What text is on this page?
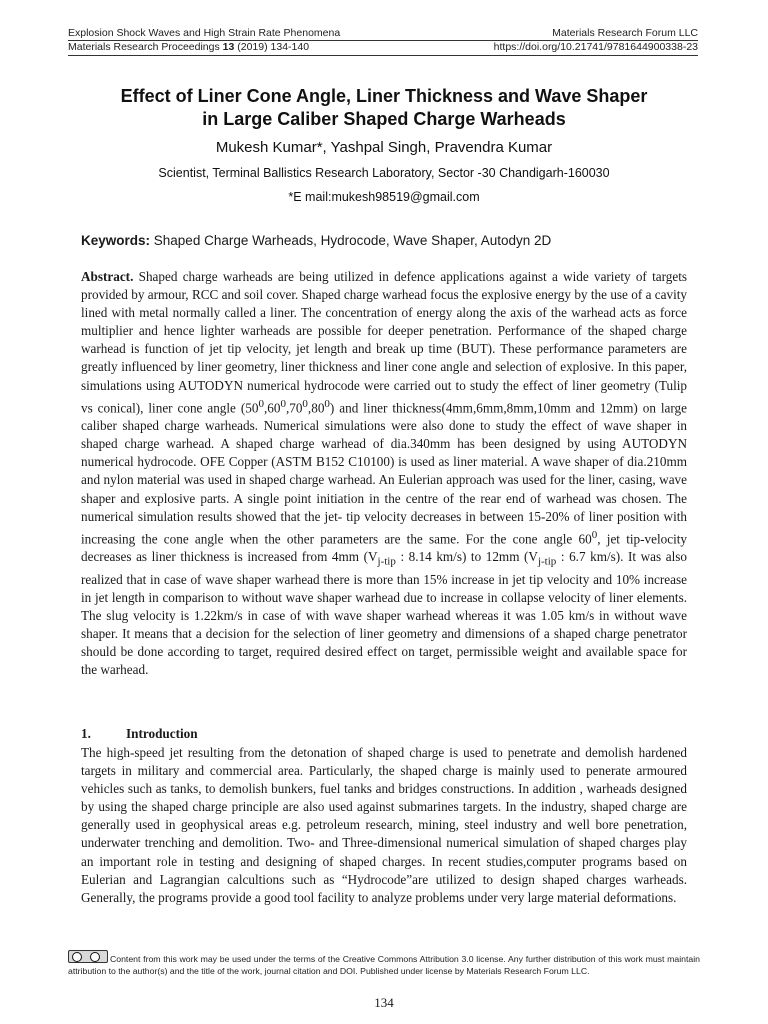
Explosion Shock Waves and High Strain Rate Phenomena	Materials Research Forum LLC
Materials Research Proceedings 13 (2019) 134-140	https://doi.org/10.21741/9781644900338-23
Effect of Liner Cone Angle, Liner Thickness and Wave Shaper
in Large Caliber Shaped Charge Warheads
Mukesh Kumar*, Yashpal Singh, Pravendra Kumar
Scientist, Terminal Ballistics Research Laboratory, Sector -30 Chandigarh-160030
*E mail:mukesh98519@gmail.com
Keywords: Shaped Charge Warheads, Hydrocode, Wave Shaper, Autodyn 2D
Abstract. Shaped charge warheads are being utilized in defence applications against a wide variety of targets provided by armour, RCC and soil cover. Shaped charge warhead focus the explosive energy by the use of a cavity lined with metal normally called a liner. The concentration of energy along the axis of the warhead acts as force multiplier and hence lighter warheads are possible for deeper penetration. Performance of the shaped charge warhead is function of jet tip velocity, jet length and break up time (BUT). These performance parameters are greatly influenced by liner geometry, liner thickness and liner cone angle and selection of explosive. In this paper, simulations using AUTODYN numerical hydrocode were carried out to study the effect of liner geometry (Tulip vs conical), liner cone angle $(50^0,60^0,70^0,80^0)$ and liner thickness(4mm,6mm,8mm,10mm and 12mm) on large caliber shaped charge warheads. Numerical simulations were also done to study the effect of wave shaper in shaped charge warhead. A shaped charge warhead of dia.340mm has been designed by using AUTODYN numerical hydrocode. OFE Copper (ASTM B152 C10100) is used as liner material. A wave shaper of dia.210mm and nylon material was used in shaped charge warhead. An Eulerian approach was used for the liner, casing, wave shaper and explosive parts. A single point initiation in the centre of the rear end of warhead was chosen. The numerical simulation results showed that the jet- tip velocity decreases in between 15-20% of liner position with increasing the cone angle when the other parameters are the same. For the cone angle $60^0$, jet tip-velocity decreases as liner thickness is increased from 4mm ($V_{j-tip}$ : 8.14 km/s) to 12mm ($V_{j-tip}$ : 6.7 km/s). It was also realized that in case of wave shaper warhead there is more than 15% increase in jet tip velocity and 10% increase in jet length in comparison to without wave shaper warhead due to increase in collapse velocity of liner elements. The slug velocity is 1.22km/s in case of with wave shaper warhead whereas it was 1.05 km/s in without wave shaper. It means that a decision for the selection of liner geometry and dimensions of a shaped charge penetrator should be done according to target, required desired effect on target, permissible weight and available space for the warhead.
1.	Introduction
The high-speed jet resulting from the detonation of shaped charge is used to penetrate and demolish hardened targets in military and commercial area. Particularly, the shaped charge is mainly used to penerate armoured vehicles such as tanks, to demolish bunkers, fuel tanks and bridges constructions. In addition , warheads designed by using the shaped charge principle are also used against submarines targets. In the industry, shaped charge are generally used in geophysical areas e.g. petroleum research, mining, steel industry and well bore penetration, underwater trenching and demolition. Two- and Three-dimensional numerical simulation of shaped charges play an important role in testing and designing of shaped charges. In recent studies,computer programs based on Eulerian and Lagrangian calcultions such as “Hydrocode”are utilized to design shaped charges warheads. Generally, the programs provide a good tool facility to analyze problems under very large material deformations.
Content from this work may be used under the terms of the Creative Commons Attribution 3.0 license. Any further distribution of this work must maintain attribution to the author(s) and the title of the work, journal citation and DOI. Published under license by Materials Research Forum LLC.
134
